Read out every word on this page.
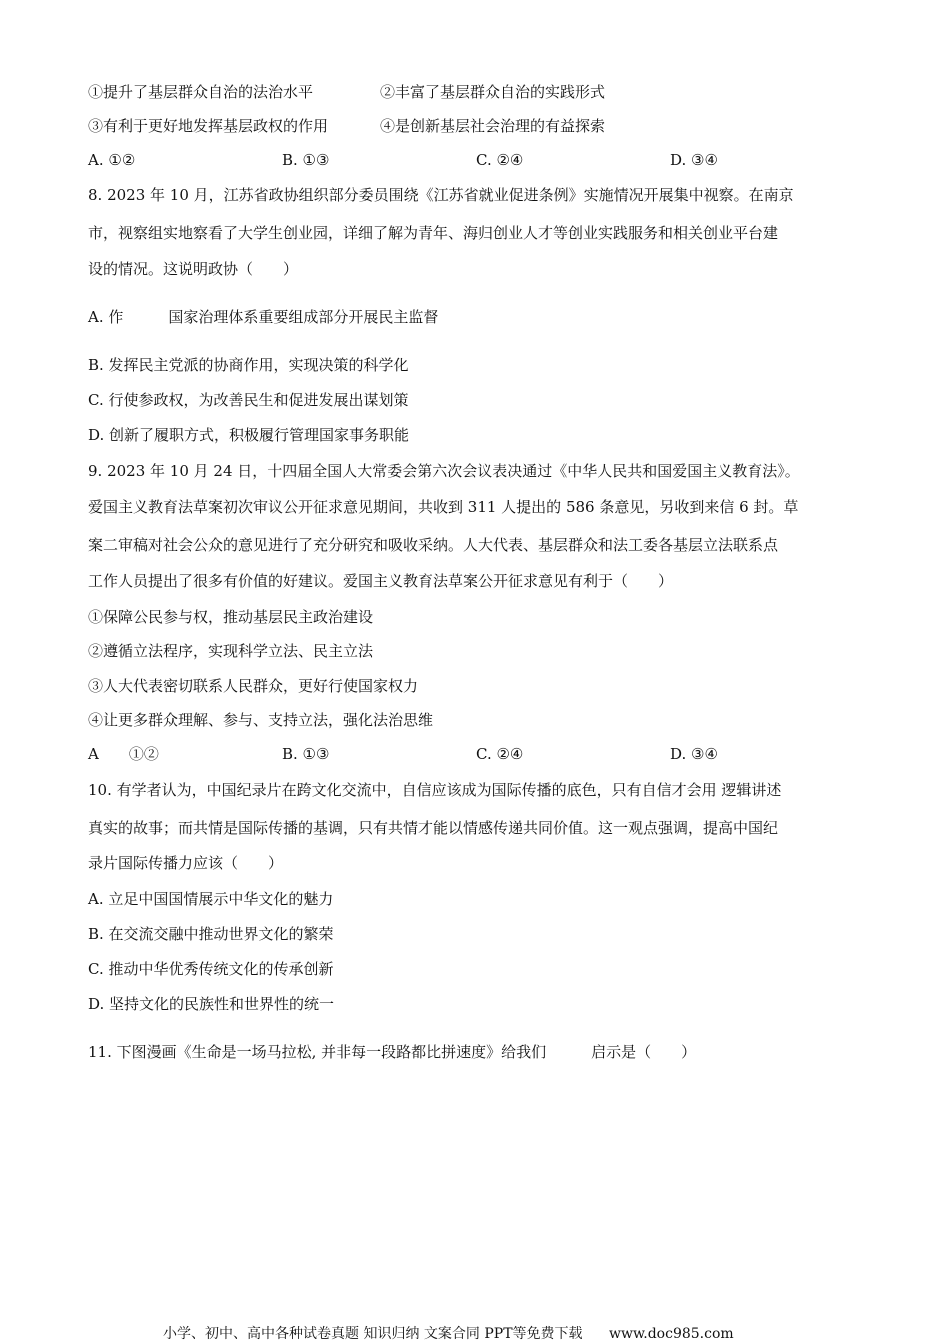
①提升了基层群众自治的法治水平	②丰富了基层群众自治的实践形式
③有利于更好地发挥基层政权的作用	④是创新基层社会治理的有益探索
A. ①②	B. ①③	C. ②④	D. ③④
8. 2023 年 10 月，江苏省政协组织部分委员围绕《江苏省就业促进条例》实施情况开展集中视察。在南京
市，视察组实地察看了大学生创业园，详细了解为青年、海归创业人才等创业实践服务和相关创业平台建
设的情况。这说明政协（　　）
A. 作　　　国家治理体系重要组成部分开展民主监督
B. 发挥民主党派的协商作用，实现决策的科学化
C. 行使参政权，为改善民生和促进发展出谋划策
D. 创新了履职方式，积极履行管理国家事务职能
9. 2023 年 10 月 24 日，十四届全国人大常委会第六次会议表决通过《中华人民共和国爱国主义教育法》。
爱国主义教育法草案初次审议公开征求意见期间，共收到 311 人提出的 586 条意见，另收到来信 6 封。草
案二审稿对社会公众的意见进行了充分研究和吸收采纳。人大代表、基层群众和法工委各基层立法联系点
工作人员提出了很多有价值的好建议。爱国主义教育法草案公开征求意见有利于（　　）
①保障公民参与权，推动基层民主政治建设
②遵循立法程序，实现科学立法、民主立法
③人大代表密切联系人民群众，更好行使国家权力
④让更多群众理解、参与、支持立法，强化法治思维
A　　①②	B. ①③	C. ②④	D. ③④
10. 有学者认为，中国纪录片在跨文化交流中，自信应该成为国际传播的底色，只有自信才会用 逻辑讲述
真实的故事；而共情是国际传播的基调，只有共情才能以情感传递共同价值。这一观点强调，提高中国纪
录片国际传播力应该（　　）
A. 立足中国国情展示中华文化的魅力
B. 在交流交融中推动世界文化的繁荣
C. 推动中华优秀传统文化的传承创新
D. 坚持文化的民族性和世界性的统一
11. 下图漫画《生命是一场马拉松, 并非每一段路都比拼速度》给我们　　　启示是（　　）
小学、初中、高中各种试卷真题 知识归纳 文案合同 PPT等免费下载 www.doc985.com
